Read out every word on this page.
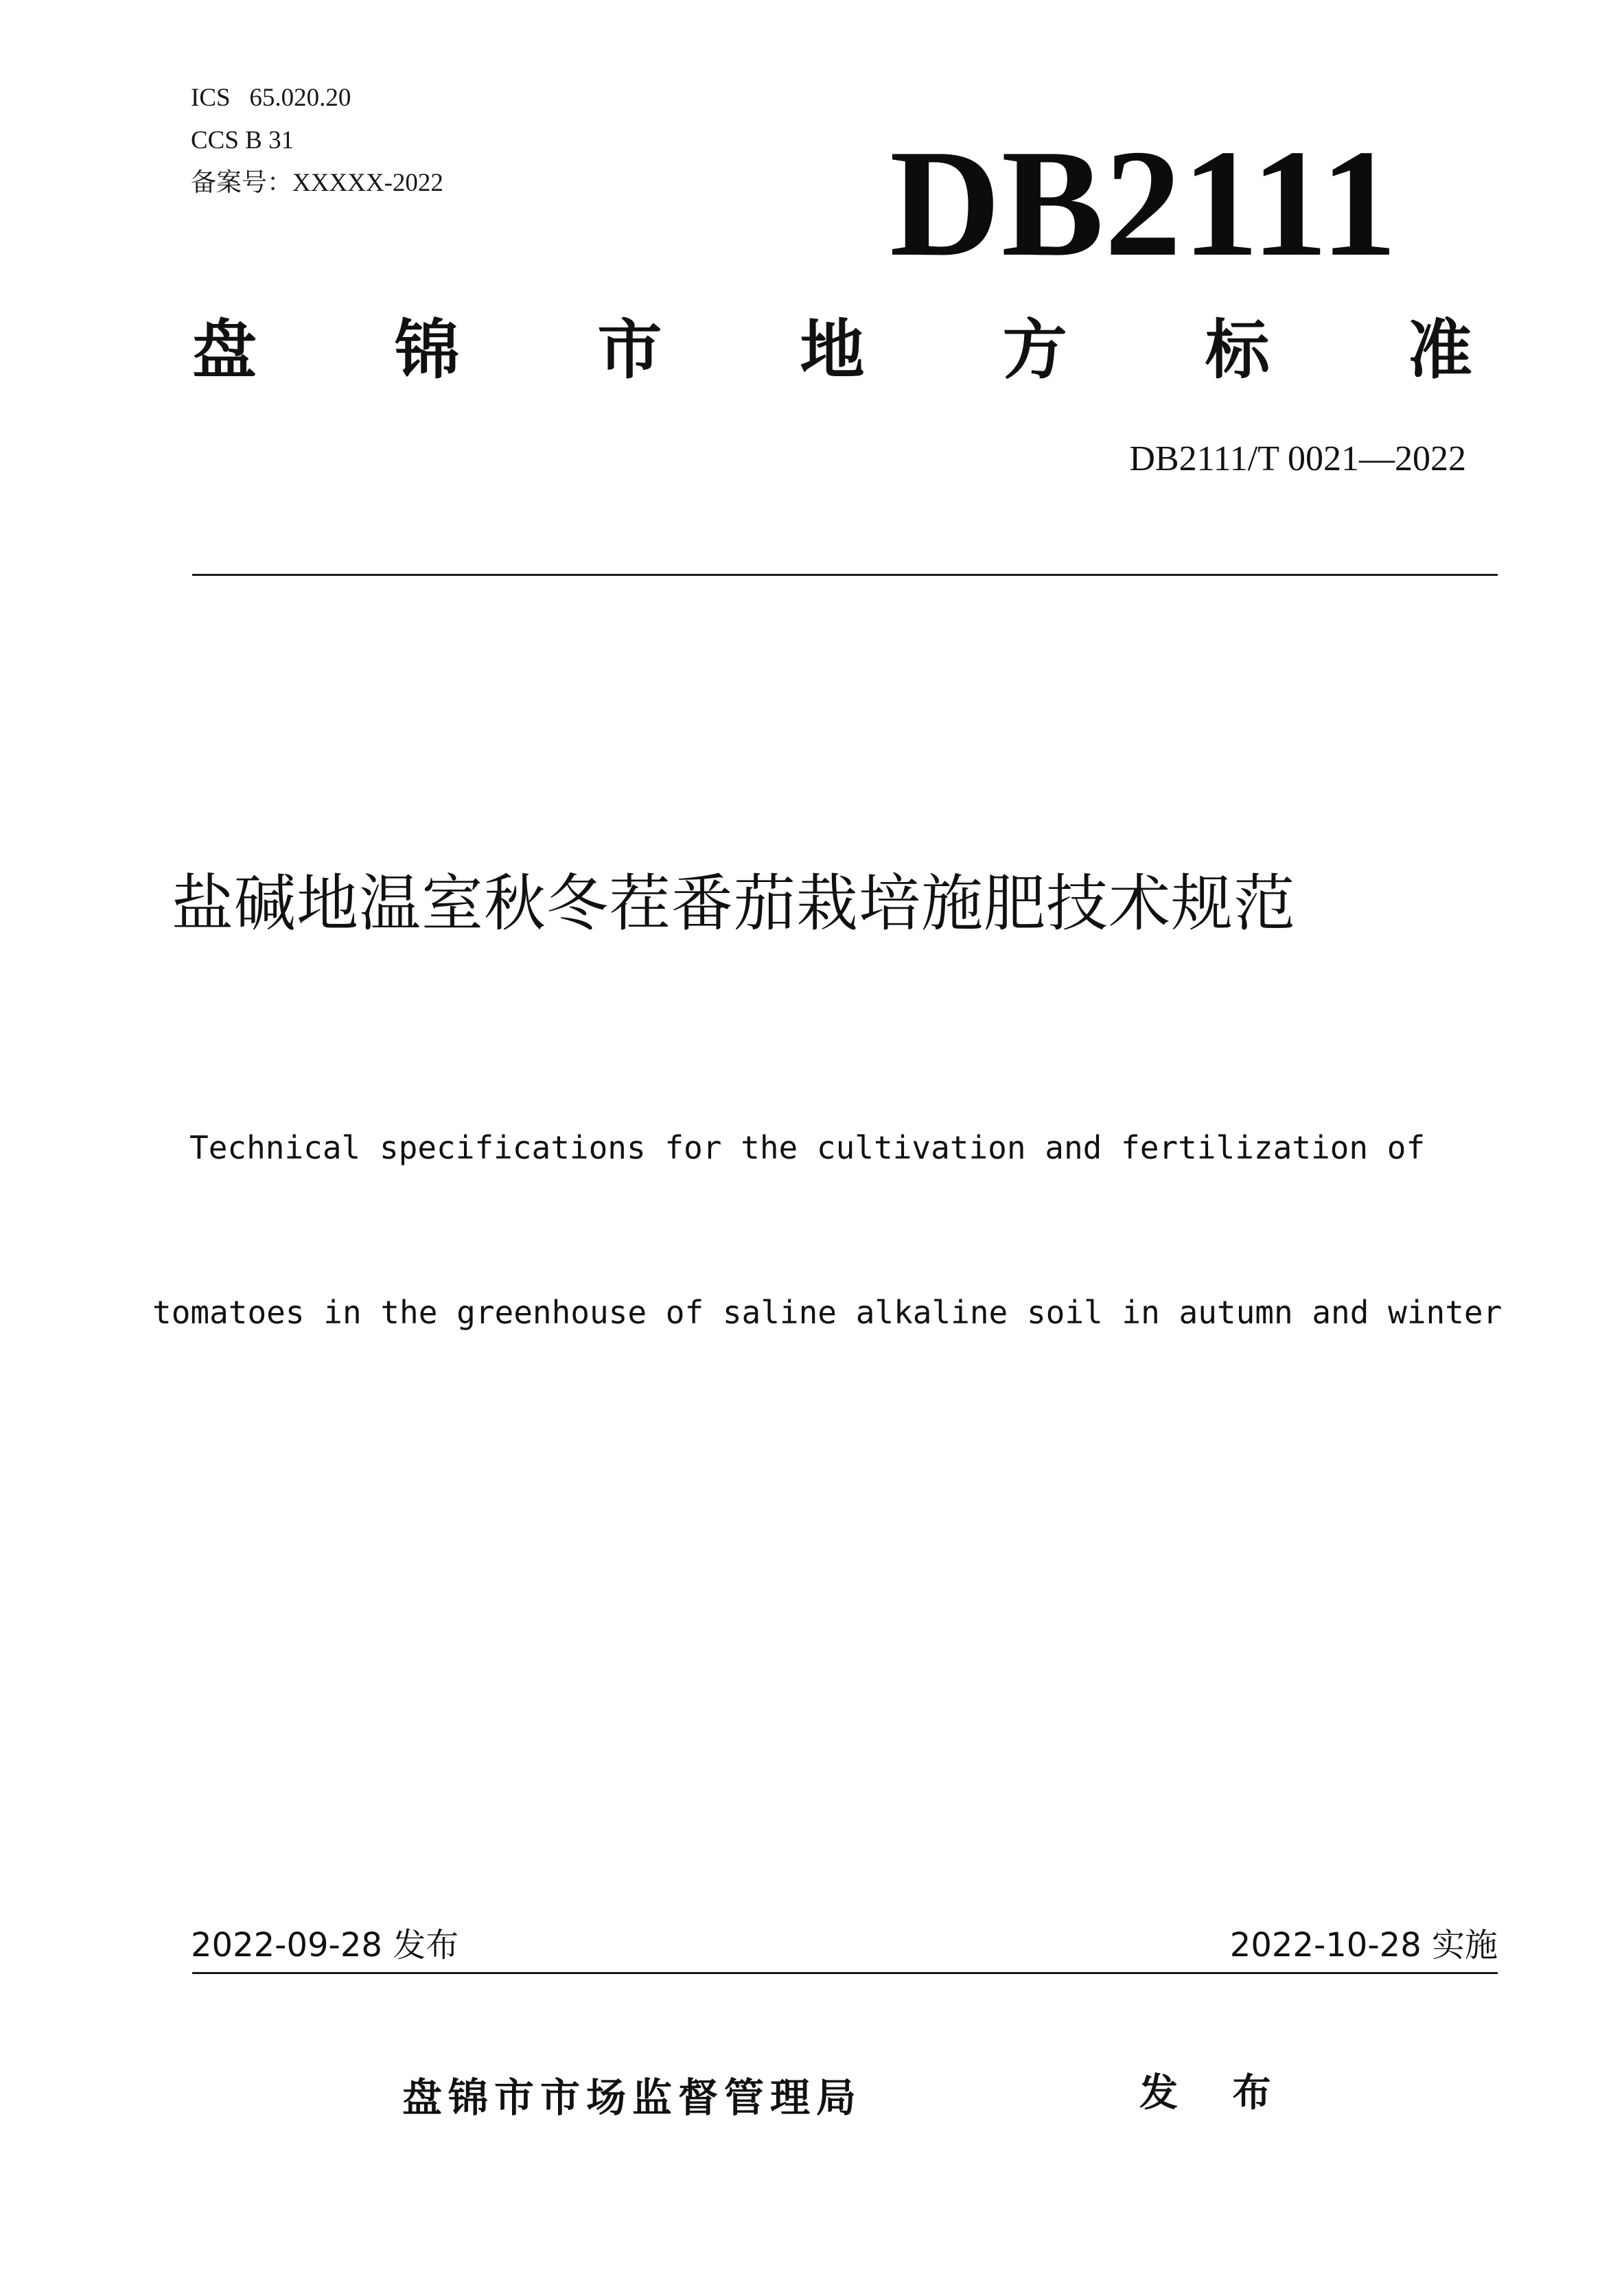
ICS   65.020.20
CCS B 31
备案号：XXXXX-2022	DB2111
盘 锦 市 地 方 标 准
DB2111/T 0021—2022
盐碱地温室秋冬茬番茄栽培施肥技术规范

Technical specifications for the cultivation and fertilization of

tomatoes in the greenhouse of saline alkaline soil in autumn and winter

2022-09-28 发布	2022-10-28 实施
盘锦市市场监督管理局	发 布
